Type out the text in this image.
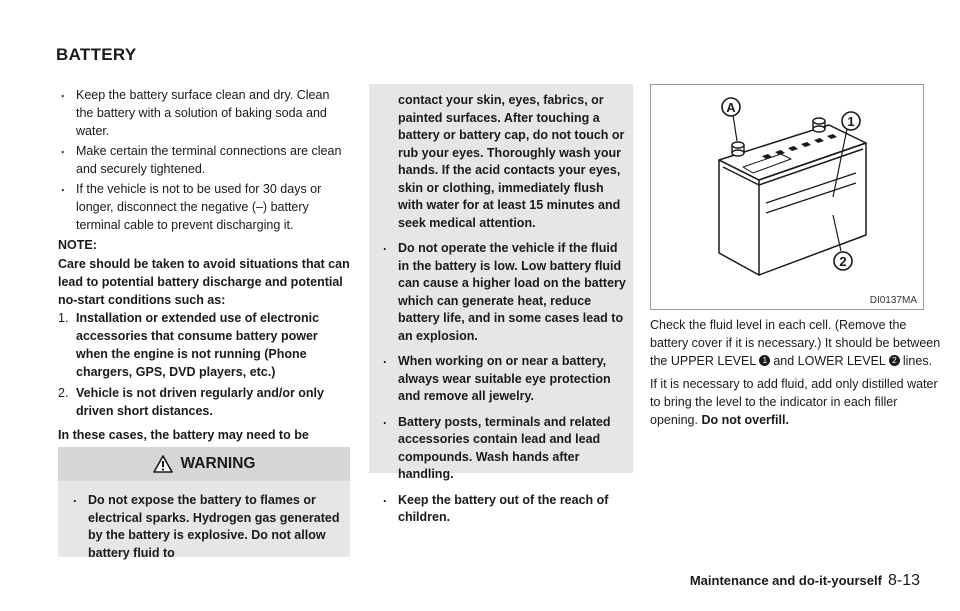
BATTERY
. Keep the battery surface clean and dry. Clean the battery with a solution of baking soda and water.
. Make certain the terminal connections are clean and securely tightened.
. If the vehicle is not to be used for 30 days or longer, disconnect the negative (–) battery terminal cable to prevent discharging it.
NOTE:

Care should be taken to avoid situations that can lead to potential battery discharge and potential no-start conditions such as:

1. Installation or extended use of electronic accessories that consume battery power when the engine is not running (Phone chargers, GPS, DVD players, etc.)
2. Vehicle is not driven regularly and/or only driven short distances.

In these cases, the battery may need to be

WARNING
. Do not expose the battery to flames or electrical sparks. Hydrogen gas generated by the battery is explosive. Do not allow battery fluid to

contact your skin, eyes, fabrics, or painted surfaces. After touching a battery or battery cap, do not touch or rub your eyes. Thoroughly wash your hands. If the acid contacts your eyes, skin or clothing, immediately flush with water for at least 15 minutes and seek medical attention.

. Do not operate the vehicle if the fluid in the battery is low. Low battery fluid can cause a higher load on the battery which can generate heat, reduce battery life, and in some cases lead to an explosion.
. When working on or near a battery, always wear suitable eye protection and remove all jewelry.
. Battery posts, terminals and related accessories contain lead and lead compounds. Wash hands after handling.
. Keep the battery out of the reach of children.
A
1
2
DI0137MA

Check the fluid level in each cell. (Remove the battery cover if it is necessary.) It should be between the UPPER LEVEL 1 and LOWER LEVEL 2 lines.

If it is necessary to add fluid, add only distilled water to bring the level to the indicator in each filler opening. Do not overfill.

Maintenance and do-it-yourself 8-13
